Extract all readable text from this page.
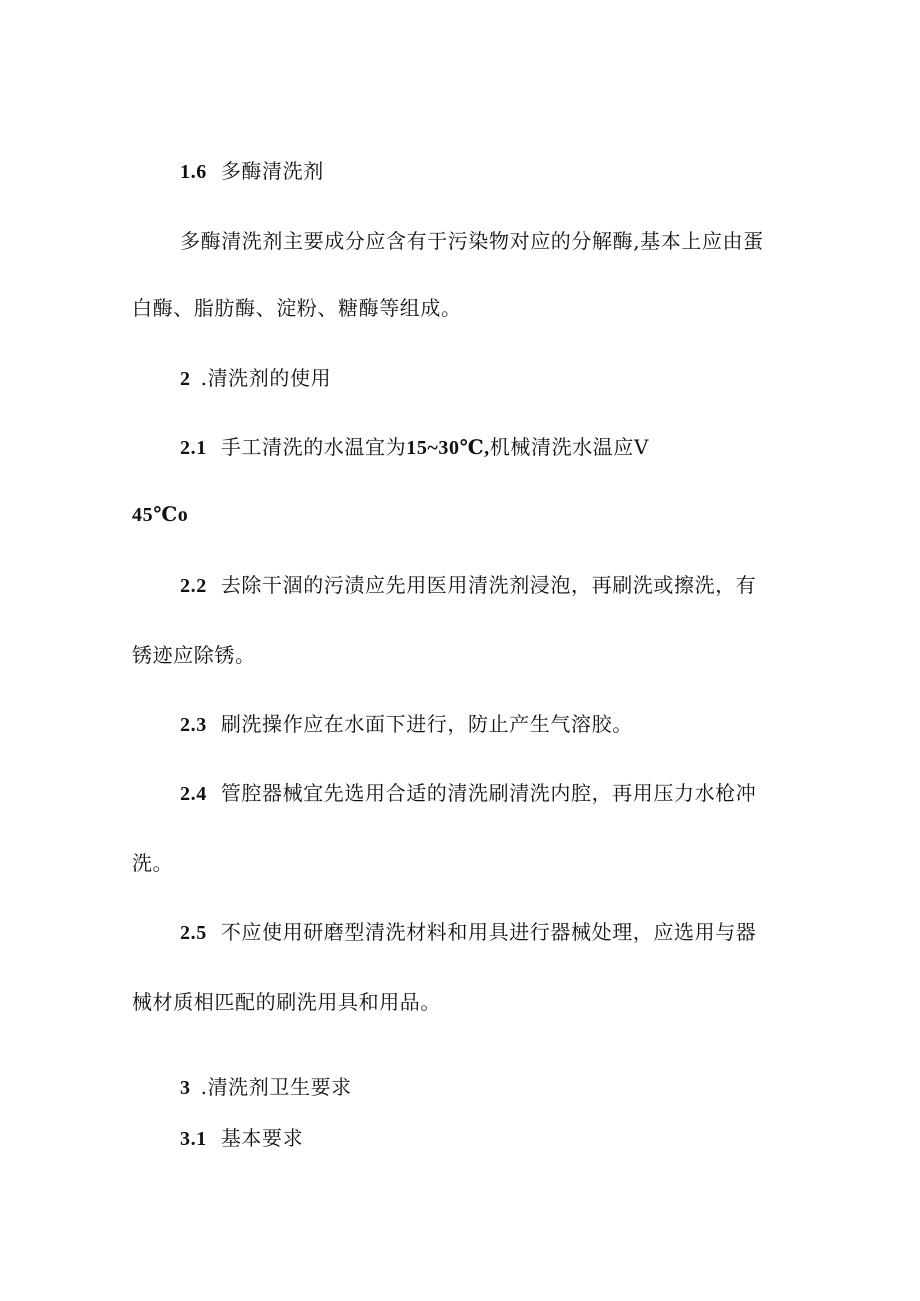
1.6 多酶清洗剂
多酶清洗剂主要成分应含有于污染物对应的分解酶,基本上应由蛋
白酶、脂肪酶、淀粉、糖酶等组成。
2 .清洗剂的使用
2.1 手工清洗的水温宜为15~30℃,机械清洗水温应V
45℃o
2.2 去除干涸的污渍应先用医用清洗剂浸泡，再刷洗或擦洗，有
锈迹应除锈。
2.3 刷洗操作应在水面下进行，防止产生气溶胶。
2.4 管腔器械宜先选用合适的清洗刷清洗内腔，再用压力水枪冲
洗。
2.5 不应使用研磨型清洗材料和用具进行器械处理，应选用与器
械材质相匹配的刷洗用具和用品。
3 .清洗剂卫生要求
3.1 基本要求
